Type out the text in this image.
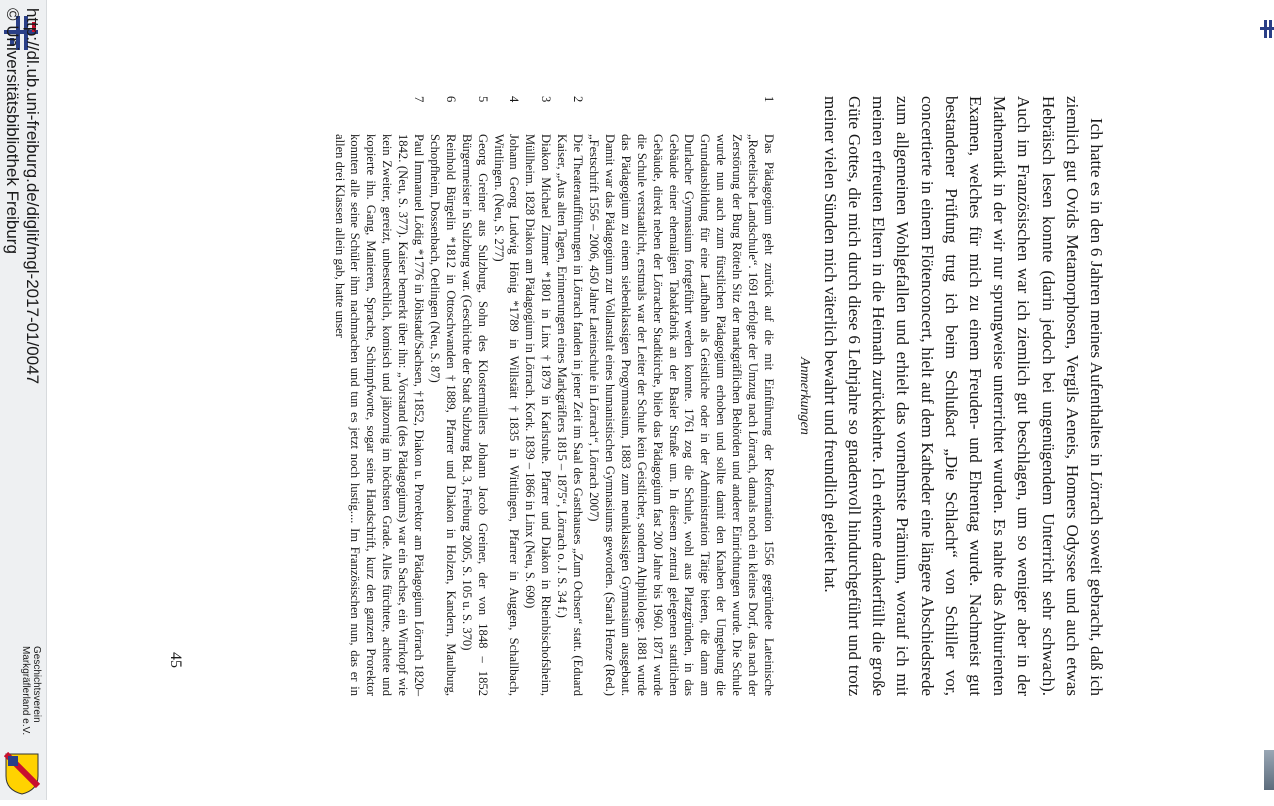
Ich hatte es in den 6 Jahren meines Aufenthaltes in Lörrach soweit gebracht, daß ich ziemlich gut Ovids Metamorphosen, Vergils Aeneis, Homers Odyssee und auch etwas Hebräisch lesen konnte (darin jedoch bei ungenügendem Unterricht sehr schwach). Auch im Französischen war ich ziemlich gut beschlagen, um so weniger aber in der Mathematik in der wir nur sprungweise unterrichtet wurden. Es nahte das Abiturienten Examen, welches für mich zu einem Freuden- und Ehrentag wurde. Nachmeist gut bestandener Prüfung trug ich beim Schlußact „Die Schlacht“ von Schiller vor, concertierte in einem Flötenconcert, hielt auf dem Katheder eine längere Abschiedsrede zum allgemeinen Wohlgefallen und erhielt das vornehmste Prämium, worauf ich mit meinen erfreuten Eltern in die Heimath zurückkehrte. Ich erkenne dankerfüllt die große Güte Gottes, die mich durch diese 6 Lehrjahre so gnadenvoll hindurchgeführt und trotz meiner vielen Sünden mich väterlich bewahrt und freundlich geleitet hat.

Anmerkungen
1
Das Pädagogium geht zurück auf die mit Einführung der Reformation 1556 gegründete Lateinische „Roetelische Landschule“. 1691 erfolgte der Umzug nach Lörrach, damals noch ein kleines Dorf, das nach der Zerstörung der Burg Rötteln Sitz der markgräflichen Behörden und anderer Einrichtungen wurde. Die Schule wurde nun auch zum fürstlichen Pädagogium erhoben und sollte damit den Knaben der Umgebung die Grundausbildung für eine Laufbahn als Geistliche oder in der Administration Tätige bieten, die dann am Durlacher Gymnasium fortgeführt werden konnte. 1761 zog die Schule, wohl aus Platzgründen, in das Gebäude einer ehemaligen Tabakfabrik an der Basler Straße um. In diesem zentral gelegenen stattlichen Gebäude, direkt neben der Lörracher Stadtkirche, blieb das Pädagogium fast 200 Jahre bis 1960. 1871 wurde die Schule verstaatlicht, erstmals war der Leiter der Schule kein Geistlicher, sondern Altphilologe. 1881 wurde das Pädagogium zu einem siebenklassigen Progymnasium, 1883 zum neunklassigen Gymnasium ausgebaut. Damit war das Pädagogium zur Vollanstalt eines humanistischen Gymnasiums geworden. (Sarah Henze (Red.) „Festschrift 1556 – 2006, 450 Jahre Lateinschule in Lörrach“, Lörrach 2007)
2
Die Theateraufführungen in Lörrach fanden in jener Zeit im Saal des Gasthauses „Zum Ochsen“ statt. (Eduard Kaiser, „Aus alten Tagen, Erinnerungen eines Markgräflers 1815 – 1875“, Lörrach o. J. S. 34 f.)
3
Diakon Michael Zimmer *1801 in Linx †1879 in Karlsruhe. Pfarrer und Diakon in Rheinbischofsheim, Müllheim. 1828 Diakon am Pädagogium in Lörrach. Kork. 1839 – 1866 in Linx (Neu, S. 690)
4
Johann Georg Ludwig Hönig *1789 in Willstätt †1835 in Wittlingen, Pfarrer in Auggen, Schallbach, Wittlingen. (Neu, S. 277)
5
Georg Greiner aus Sulzburg, Sohn des Klostermüllers Johann Jacob Greiner, der von 1848 – 1852 Bürgermeister in Sulzburg war. (Geschichte der Stadt Sulzburg Bd. 3, Freiburg 2005, S. 105 u. S. 370)
6
Reinhold Bürgelin *1812 in Ottoschwanden †1889, Pfarrer und Diakon in Holzen, Kandern, Maulburg, Schopfheim, Dossenbach, Oetlingen (Neu, S. 87)
7
Paul Immanuel Lödig *1776 in Jöhstadt/Sachsen, †1852, Diakon u. Prorektor am Pädagogium Lörrach 1820–1842. (Neu, S. 377). Kaiser bemerkt über ihn: „Vorstand (des Pädagogiums) war ein Sachse, ein Wirrkopf wie kein Zweiter, gereizt, unbestechlich, komisch und jähzornig im höchsten Grade. Alles fürchtete, achtete und kopierte ihn. Gang, Manieren, Sprache, Schimpfworte, sogar seine Handschrift, kurz den ganzen Prorektor konnten alle seine Schüler ihm nachmachen und tun es jetzt noch lustig.... Im Französischen nun, das er in allen drei Klassen allein gab, hatte unser
45
http://dl.ub.uni-freiburg.de/diglit/mgl-2017-01/0047
© Universitätsbibliothek Freiburg
Geschichtsverein
Markgräflerland e.V.
